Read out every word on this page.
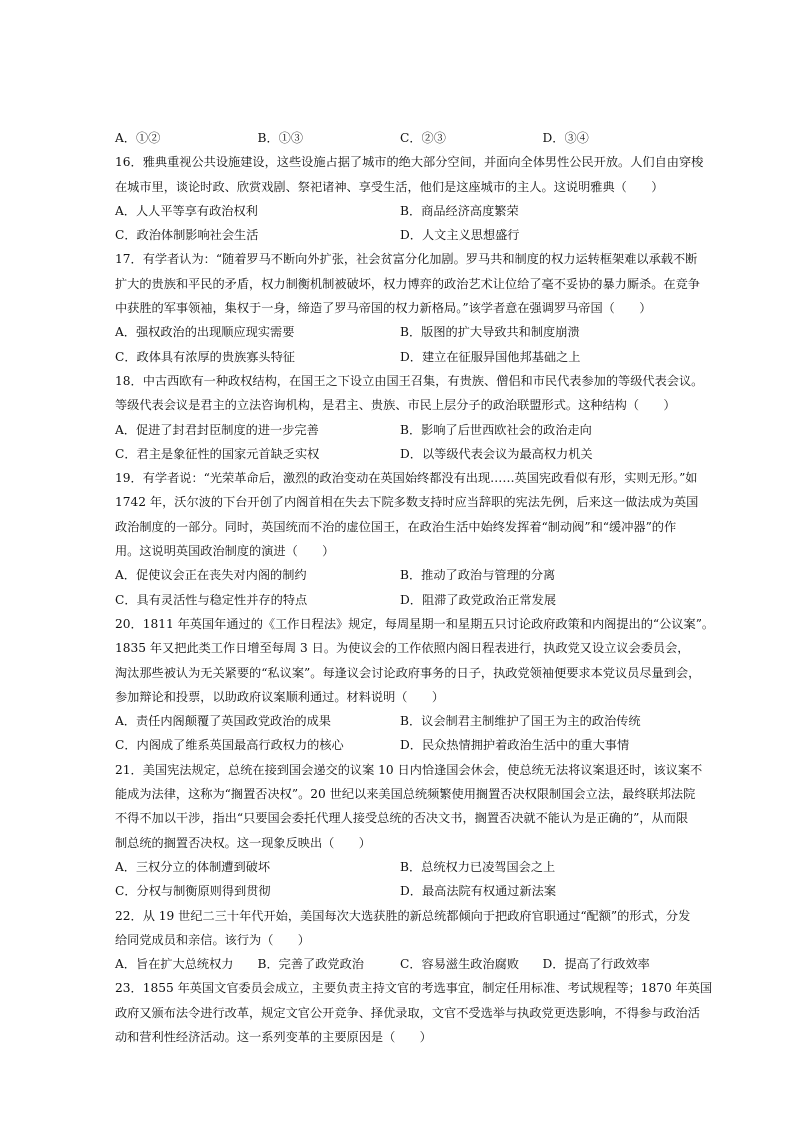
A．①②	B．①③	C．②③	D．③④
16．雅典重视公共设施建设，这些设施占据了城市的绝大部分空间，并面向全体男性公民开放。人们自由穿梭
在城市里，谈论时政、欣赏戏剧、祭祀诸神、享受生活，他们是这座城市的主人。这说明雅典（　　）
A．人人平等享有政治权利	B．商品经济高度繁荣
C．政治体制影响社会生活	D．人文主义思想盛行
17．有学者认为：“随着罗马不断向外扩张，社会贫富分化加剧。罗马共和制度的权力运转框架难以承载不断
扩大的贵族和平民的矛盾，权力制衡机制被破坏，权力博弈的政治艺术让位给了毫不妥协的暴力厮杀。在竞争
中获胜的军事领袖，集权于一身，缔造了罗马帝国的权力新格局。”该学者意在强调罗马帝国（　　）
A．强权政治的出现顺应现实需要	B．版图的扩大导致共和制度崩溃
C．政体具有浓厚的贵族寡头特征	D．建立在征服异国他邦基础之上
18．中古西欧有一种政权结构，在国王之下设立由国王召集，有贵族、僧侣和市民代表参加的等级代表会议。
等级代表会议是君主的立法咨询机构，是君主、贵族、市民上层分子的政治联盟形式。这种结构（　　）
A．促进了封君封臣制度的进一步完善	B．影响了后世西欧社会的政治走向
C．君主是象征性的国家元首缺乏实权	D．以等级代表会议为最高权力机关
19．有学者说：“光荣革命后，激烈的政治变动在英国始终都没有出现……英国宪政看似有形，实则无形。”如
1742 年，沃尔波的下台开创了内阁首相在失去下院多数支持时应当辞职的宪法先例，后来这一做法成为英国
政治制度的一部分。同时，英国统而不治的虚位国王，在政治生活中始终发挥着“制动阀”和“缓冲器”的作
用。这说明英国政治制度的演进（　　）
A．促使议会正在丧失对内阁的制约	B．推动了政治与管理的分离
C．具有灵活性与稳定性并存的特点	D．阻滞了政党政治正常发展
20．1811 年英国年通过的《工作日程法》规定，每周星期一和星期五只讨论政府政策和内阁提出的“公议案”。
1835 年又把此类工作日增至每周 3 日。为使议会的工作依照内阁日程表进行，执政党又设立议会委员会，
淘汰那些被认为无关紧要的“私议案”。每逢议会讨论政府事务的日子，执政党领袖便要求本党议员尽量到会，
参加辩论和投票，以助政府议案顺利通过。材料说明（　　）
A．责任内阁颠覆了英国政党政治的成果	B．议会制君主制维护了国王为主的政治传统
C．内阁成了维系英国最高行政权力的核心	D．民众热情拥护着政治生活中的重大事情
21．美国宪法规定，总统在接到国会递交的议案 10 日内恰逢国会休会，使总统无法将议案退还时，该议案不
能成为法律，这称为“搁置否决权”。20 世纪以来美国总统频繁使用搁置否决权限制国会立法，最终联邦法院
不得不加以干涉，指出“只要国会委托代理人接受总统的否决文书，搁置否决就不能认为是正确的”，从而限
制总统的搁置否决权。这一现象反映出（　　）
A．三权分立的体制遭到破坏	B．总统权力已凌驾国会之上
C．分权与制衡原则得到贯彻	D．最高法院有权通过新法案
22．从 19 世纪二三十年代开始，美国每次大选获胜的新总统都倾向于把政府官职通过“配额”的形式，分发
给同党成员和亲信。该行为（　　）
A．旨在扩大总统权力	B．完善了政党政治	C．容易滋生政治腐败	D．提高了行政效率
23．1855 年英国文官委员会成立，主要负责主持文官的考选事宜，制定任用标准、考试规程等；1870 年英国
政府又颁布法令进行改革，规定文官公开竞争、择优录取，文官不受选举与执政党更迭影响，不得参与政治活
动和营利性经济活动。这一系列变革的主要原因是（　　）
